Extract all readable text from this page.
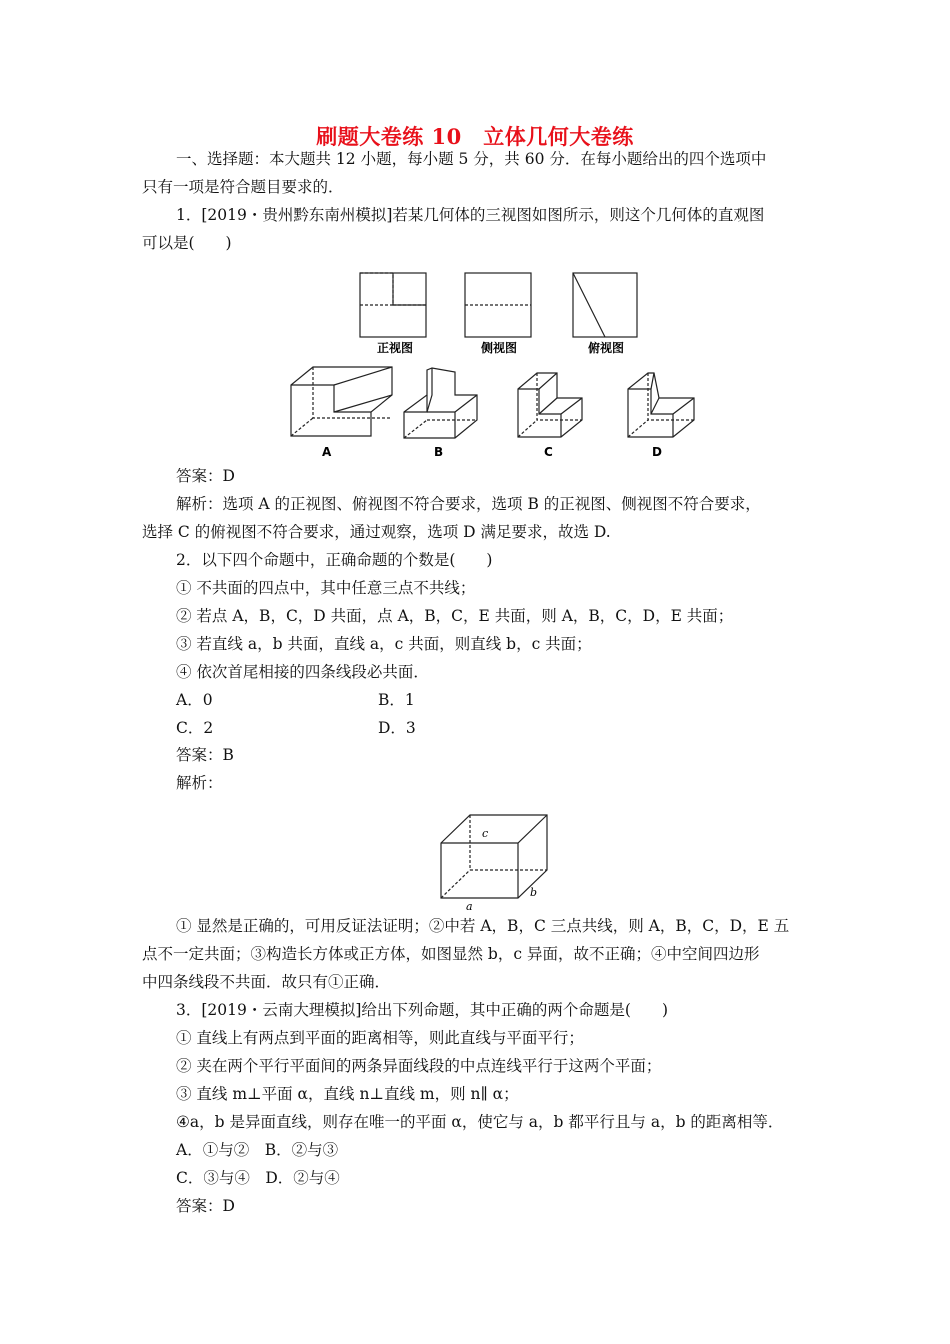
刷题大卷练 10　立体几何大卷练
一、选择题：本大题共 12 小题，每小题 5 分，共 60 分．在每小题给出的四个选项中
只有一项是符合题目要求的．
1．[2019・贵州黔东南州模拟]若某几何体的三视图如图所示，则这个几何体的直观图
可以是(　　)
正视图	侧视图	俯视图
A	B	C	D
c
b
a
答案：D
解析：选项 A 的正视图、俯视图不符合要求，选项 B 的正视图、侧视图不符合要求，
选择 C 的俯视图不符合要求，通过观察，选项 D 满足要求，故选 D.
2．以下四个命题中，正确命题的个数是(　　)
① 不共面的四点中，其中任意三点不共线；
② 若点 A，B，C，D 共面，点 A，B，C，E 共面，则 A，B，C，D，E 共面；
③ 若直线 a，b 共面，直线 a，c 共面，则直线 b，c 共面；
④ 依次首尾相接的四条线段必共面．
A．0	B．1
C．2	D．3
答案：B
解析：
① 显然是正确的，可用反证法证明；②中若 A，B，C 三点共线，则 A，B，C，D，E 五
点不一定共面；③构造长方体或正方体，如图显然 b，c 异面，故不正确；④中空间四边形
中四条线段不共面．故只有①正确．
3．[2019・云南大理模拟]给出下列命题，其中正确的两个命题是(　　)
① 直线上有两点到平面的距离相等，则此直线与平面平行；
② 夹在两个平行平面间的两条异面线段的中点连线平行于这两个平面；
③ 直线 m⊥平面 α，直线 n⊥直线 m，则 n∥ α；
④a，b 是异面直线，则存在唯一的平面 α，使它与 a，b 都平行且与 a，b 的距离相等．
A．①与②　B．②与③
C．③与④　D．②与④
答案：D
